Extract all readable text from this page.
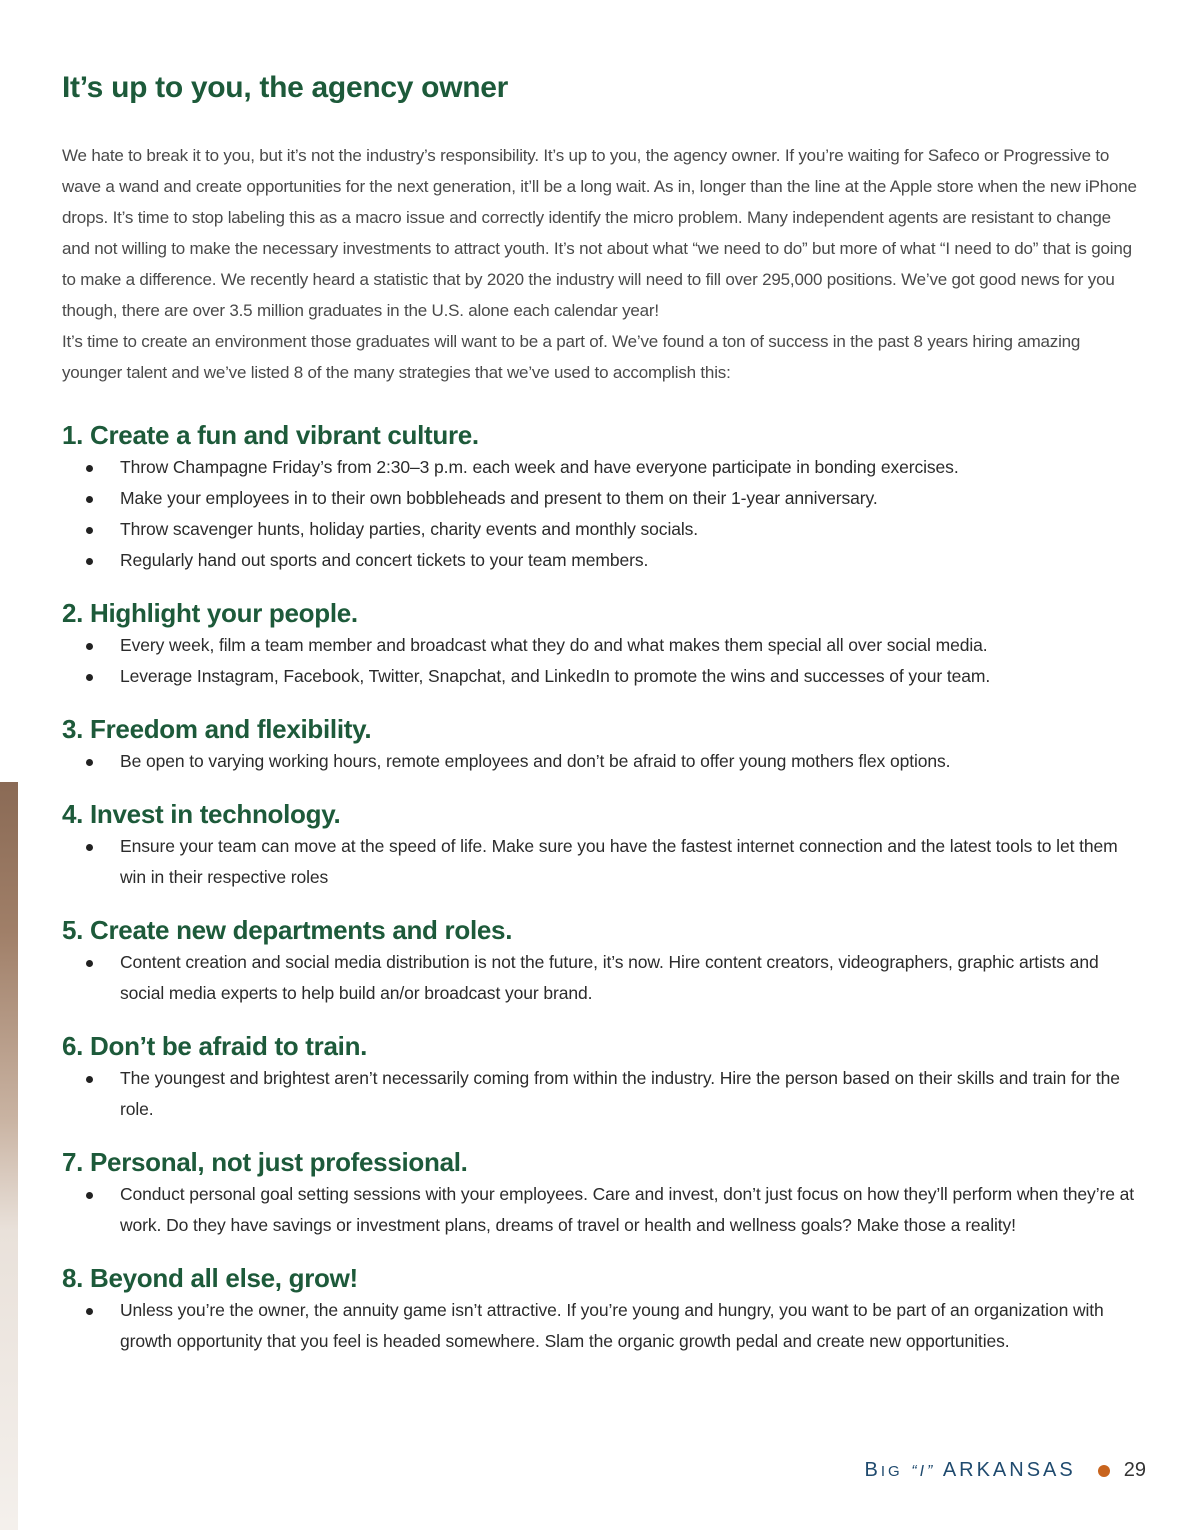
It’s up to you, the agency owner

We hate to break it to you, but it’s not the industry’s responsibility. It’s up to you, the agency owner. If you’re waiting for Safeco or Progressive to wave a wand and create opportunities for the next generation, it’ll be a long wait. As in, longer than the line at the Apple store when the new iPhone drops. It’s time to stop labeling this as a macro issue and correctly identify the micro problem. Many independent agents are resistant to change and not willing to make the necessary investments to attract youth. It’s not about what “we need to do” but more of what “I need to do” that is going to make a difference. We recently heard a statistic that by 2020 the industry will need to fill over 295,000 positions. We’ve got good news for you though, there are over 3.5 million graduates in the U.S. alone each calendar year!

It’s time to create an environment those graduates will want to be a part of. We’ve found a ton of success in the past 8 years hiring amazing younger talent and we’ve listed 8 of the many strategies that we’ve used to accomplish this:

1. Create a fun and vibrant culture.
Throw Champagne Friday’s from 2:30–3 p.m. each week and have everyone participate in bonding exercises.
Make your employees in to their own bobbleheads and present to them on their 1-year anniversary.
Throw scavenger hunts, holiday parties, charity events and monthly socials.
Regularly hand out sports and concert tickets to your team members.
2. Highlight your people.
Every week, film a team member and broadcast what they do and what makes them special all over social media.
Leverage Instagram, Facebook, Twitter, Snapchat, and LinkedIn to promote the wins and successes of your team.
3. Freedom and flexibility.
Be open to varying working hours, remote employees and don’t be afraid to offer young mothers flex options.
4. Invest in technology.
Ensure your team can move at the speed of life. Make sure you have the fastest internet connection and the latest tools to let them win in their respective roles
5. Create new departments and roles.
Content creation and social media distribution is not the future, it’s now. Hire content creators, videographers, graphic artists and social media experts to help build an/or broadcast your brand.
6. Don’t be afraid to train.
The youngest and brightest aren’t necessarily coming from within the industry. Hire the person based on their skills and train for the role.
7. Personal, not just professional.
Conduct personal goal setting sessions with your employees. Care and invest, don’t just focus on how they’ll perform when they’re at work. Do they have savings or investment plans, dreams of travel or health and wellness goals? Make those a reality!
8. Beyond all else, grow!
Unless you’re the owner, the annuity game isn’t attractive. If you’re young and hungry, you want to be part of an organization with growth opportunity that you feel is headed somewhere. Slam the organic growth pedal and create new opportunities.
BIG “I” ARKANSAS 29
